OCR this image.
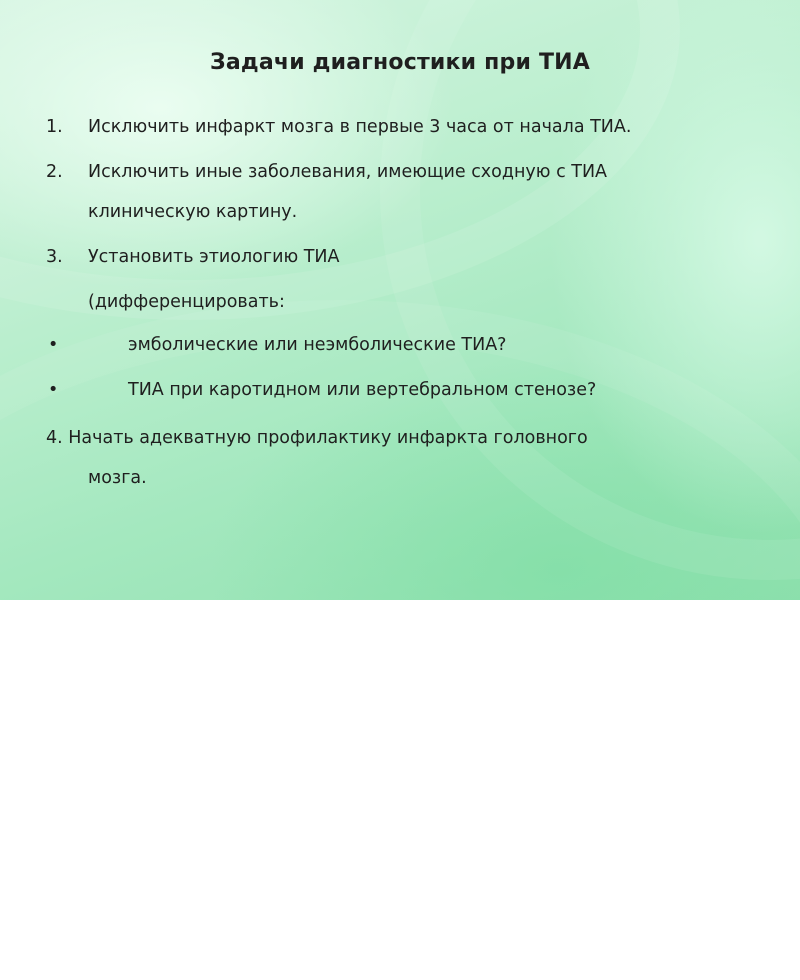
Задачи диагностики при ТИА
1. Исключить инфаркт мозга в первые 3 часа от начала ТИА.
2. Исключить иные заболевания, имеющие сходную с ТИА
клиническую картину.
3. Установить этиологию ТИА
(дифференцировать:
•	эмболические или неэмболические ТИА?
•	ТИА при каротидном или вертебральном стенозе?
4. Начать адекватную профилактику инфаркта головного
мозга.
